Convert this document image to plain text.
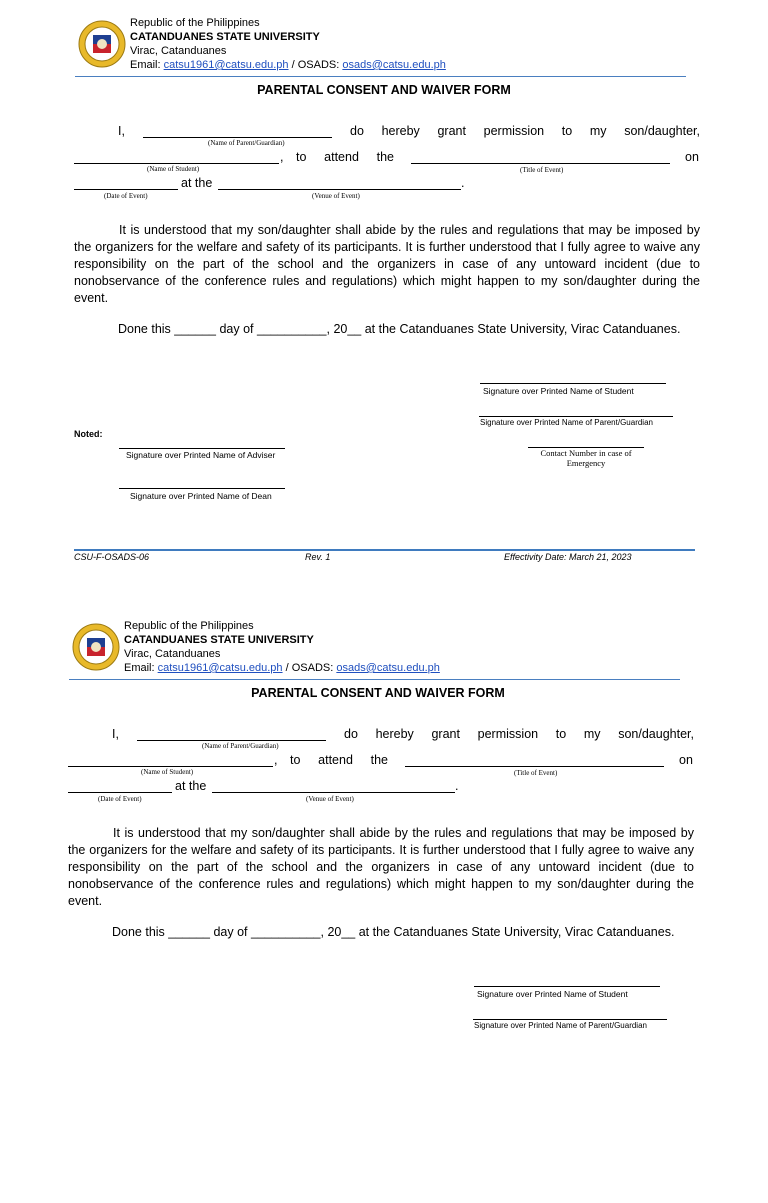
Republic of the Philippines
CATANDUANES STATE UNIVERSITY
Virac, Catanduanes
Email: catsu1961@catsu.edu.ph / OSADS: osads@catsu.edu.ph
PARENTAL CONSENT AND WAIVER FORM
I,
(Name of Parent/Guardian)
do hereby grant permission to my son/daughter,
(Name of Student)
, to attend the
(Title of Event)
on
(Date of Event)
at the
(Venue of Event)
.
It is understood that my son/daughter shall abide by the rules and regulations that may be imposed by the organizers for the welfare and safety of its participants. It is further understood that I fully agree to waive any responsibility on the part of the school and the organizers in case of any untoward incident (due to nonobservance of the conference rules and regulations) which might happen to my son/daughter during the event.
Done this ______ day of __________, 20__ at the Catanduanes State University, Virac Catanduanes.
Signature over Printed Name of Student
Signature over Printed Name of Parent/Guardian
Contact Number in case of Emergency
Noted:
Signature over Printed Name of Adviser
Signature over Printed Name of Dean
CSU-F-OSADS-06	Rev. 1	Effectivity Date: March 21, 2023
Republic of the Philippines
CATANDUANES STATE UNIVERSITY
Virac, Catanduanes
Email: catsu1961@catsu.edu.ph / OSADS: osads@catsu.edu.ph
PARENTAL CONSENT AND WAIVER FORM
I,
(Name of Parent/Guardian)
do hereby grant permission to my son/daughter,
(Name of Student)
, to attend the
(Title of Event)
on
(Date of Event)
at the
(Venue of Event)
.
It is understood that my son/daughter shall abide by the rules and regulations that may be imposed by the organizers for the welfare and safety of its participants. It is further understood that I fully agree to waive any responsibility on the part of the school and the organizers in case of any untoward incident (due to nonobservance of the conference rules and regulations) which might happen to my son/daughter during the event.
Done this ______ day of __________, 20__ at the Catanduanes State University, Virac Catanduanes.
Signature over Printed Name of Student
Signature over Printed Name of Parent/Guardian
